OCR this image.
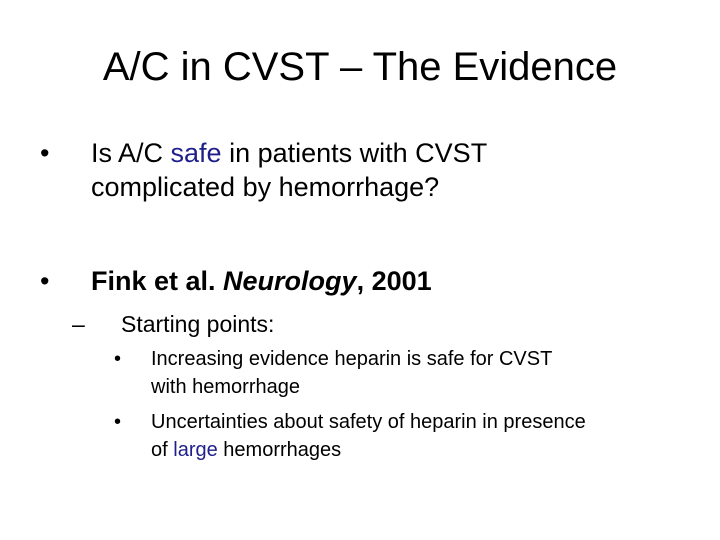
A/C in CVST – The Evidence
• Is A/C safe in patients with CVST
complicated by hemorrhage?
• Fink et al. Neurology, 2001
– Starting points:
• Increasing evidence heparin is safe for CVST
with hemorrhage
• Uncertainties about safety of heparin in presence
of large hemorrhages
